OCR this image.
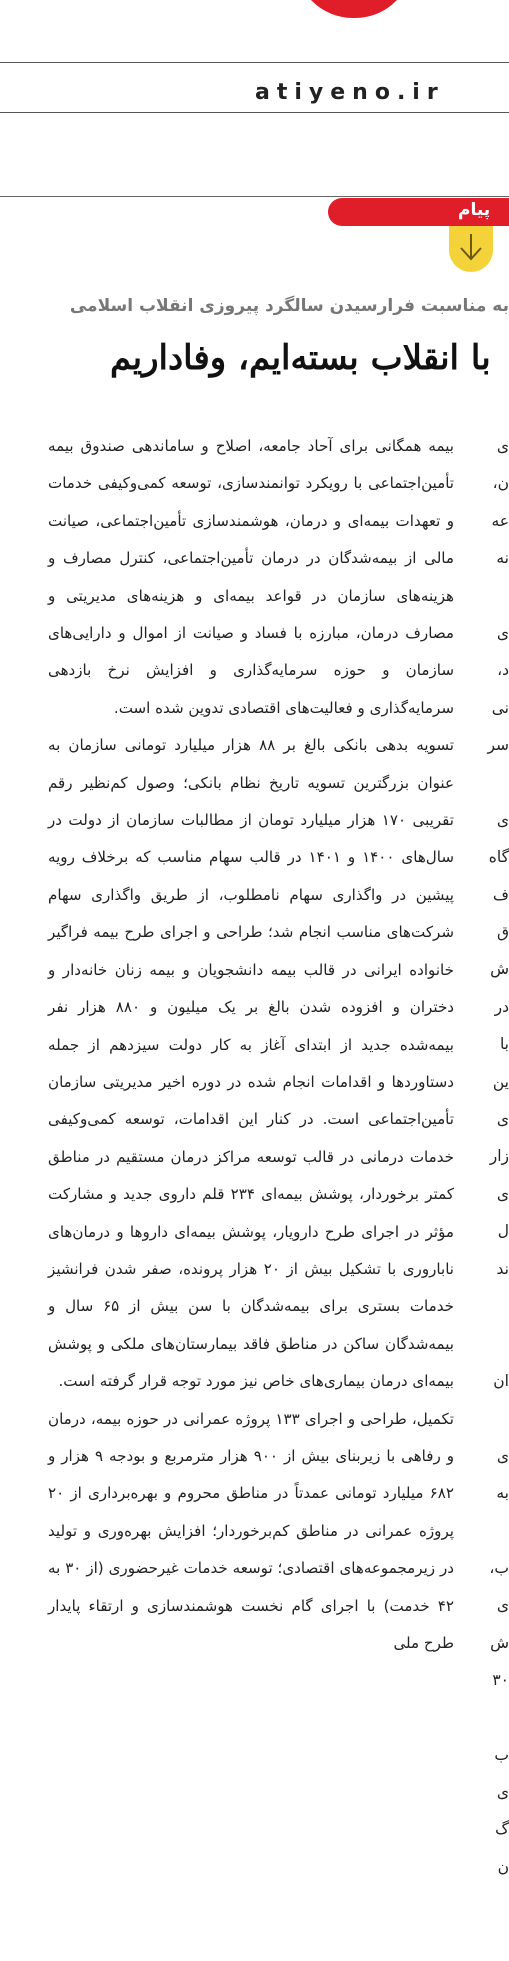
atiyeno.ir
پیام
به مناسبت فرارسیدن سالگرد پیروزی انقلاب اسلامی
با انقلاب بسته‌ایم، وفاداریم

بیمه همگانی برای آحاد جامعه، اصلاح و ساماندهی صندوق بیمه تأمین‌اجتماعی با رویکرد توانمندسازی، توسعه کمی‌وکیفی خدمات و تعهدات بیمه‌ای و درمان، هوشمندسازی تأمین‌اجتماعی، صیانت مالی از بیمه‌شدگان در درمان تأمین‌اجتماعی، کنترل مصارف و هزینه‌های سازمان در قواعد بیمه‌ای و هزینه‌های مدیریتی و مصارف درمان، مبارزه با فساد و صیانت از اموال و دارایی‌های سازمان و حوزه سرمایه‌گذاری و افزایش نرخ بازدهی سرمایه‌گذاری و فعالیت‌های اقتصادی تدوین شده است.

تسویه بدهی بانکی بالغ بر ۸۸ هزار میلیارد تومانی سازمان به عنوان بزرگترین تسویه تاریخ نظام بانکی؛ وصول کم‌نظیر رقم تقریبی ۱۷۰ هزار میلیارد تومان از مطالبات سازمان از دولت در سال‌های ۱۴۰۰ و ۱۴۰۱ در قالب سهام مناسب که برخلاف رویه پیشین در واگذاری سهام نامطلوب، از طریق واگذاری سهام شرکت‌های مناسب انجام شد؛ طراحی و اجرای طرح بیمه فراگیر خانواده ایرانی در قالب بیمه دانشجویان و بیمه زنان خانه‌دار و دختران و افزوده شدن بالغ بر یک میلیون و ۸۸۰ هزار نفر بیمه‌شده جدید از ابتدای آغاز به کار دولت سیزدهم از جمله دستاوردها و اقدامات انجام شده در دوره اخیر مدیریتی سازمان تأمین‌اجتماعی است. در کنار این اقدامات، توسعه کمی‌وکیفی خدمات درمانی در قالب توسعه مراکز درمان مستقیم در مناطق کمتر برخوردار، پوشش بیمه‌ای ۲۳۴ قلم داروی جدید و مشارکت مؤثر در اجرای طرح دارویار، پوشش بیمه‌ای داروها و درمان‌های ناباروری با تشکیل بیش از ۲۰ هزار پرونده، صفر شدن فرانشیز خدمات بستری برای بیمه‌شدگان با سن بیش از ۶۵ سال و بیمه‌شدگان ساکن در مناطق فاقد بیمارستان‌های ملکی و پوشش بیمه‌ای درمان بیماری‌های خاص نیز مورد توجه قرار گرفته است.

تکمیل، طراحی و اجرای ۱۳۳ پروژه عمرانی در حوزه بیمه، درمان و رفاهی با زیربنای بیش از ۹۰۰ هزار مترمربع و بودجه ۹ هزار و ۶۸۲ میلیارد تومانی عمدتاً در مناطق محروم و بهره‌برداری از ۲۰ پروژه عمرانی در مناطق کم‌برخوردار؛ افزایش بهره‌وری و تولید در زیرمجموعه‌های اقتصادی؛ توسعه خدمات غیرحضوری (از ۳۰ به ۴۲ خدمت) با اجرای گام نخست هوشمندسازی و ارتقاء پایدار طرح ملی

ی
ن،
عه
نه
ی
د،
نی
سر
ی
گاه
ف
ق
ش
در
با
ین
ی
زار
ی
ل
ند
ان
ی
به
ب،
ی
ش
۳۰
ب
ی
گ
ن
